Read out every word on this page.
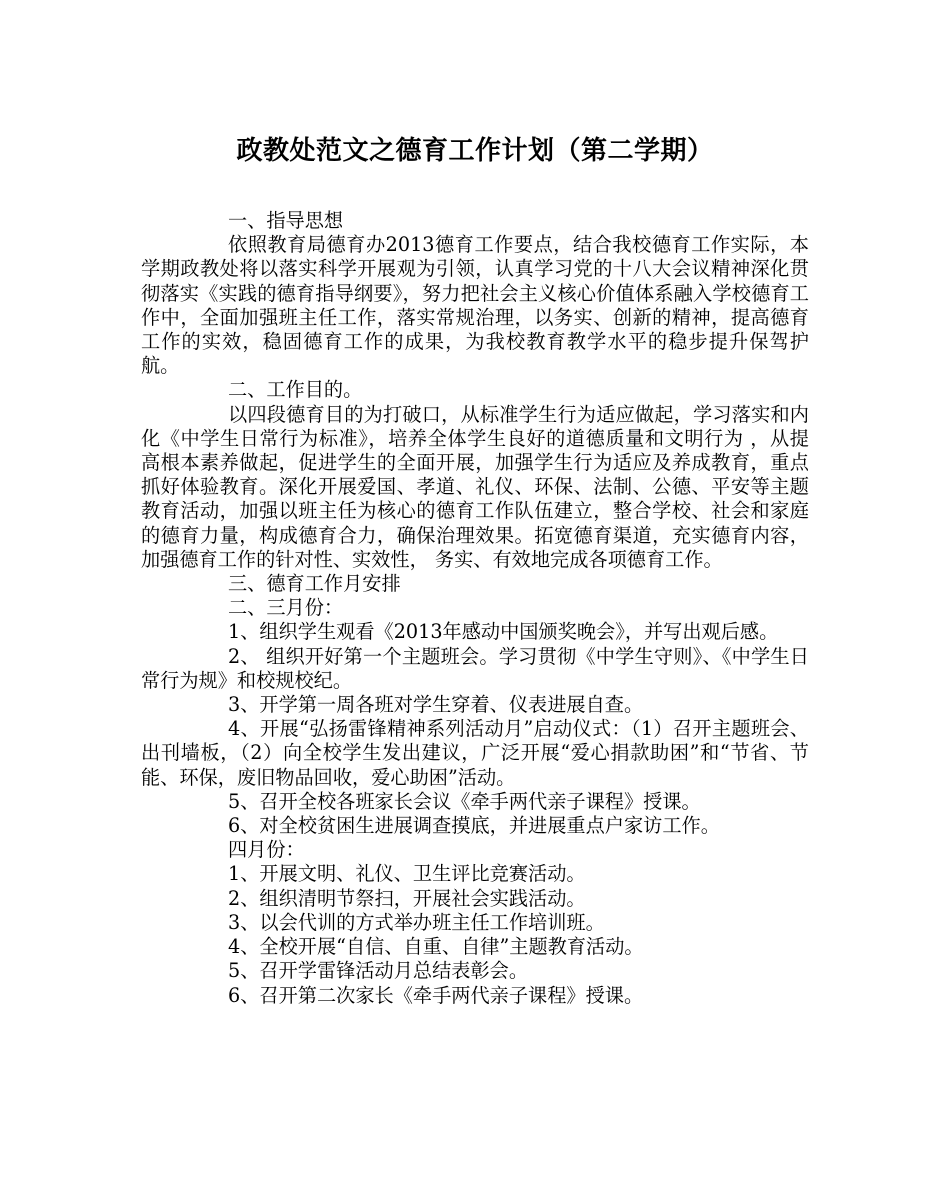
政教处范文之德育工作计划（第二学期）

一、指导思想

依照教育局德育办2013德育工作要点，结合我校德育工作实际，本学期政教处将以落实科学开展观为引领，认真学习党的十八大会议精神深化贯彻落实《实践的德育指导纲要》，努力把社会主义核心价值体系融入学校德育工作中，全面加强班主任工作，落实常规治理，以务实、创新的精神，提高德育工作的实效，稳固德育工作的成果，为我校教育教学水平的稳步提升保驾护航。

二、工作目的。

以四段德育目的为打破口，从标准学生行为适应做起，学习落实和内化《中学生日常行为标准》，培养全体学生良好的道德质量和文明行为 ，从提高根本素养做起，促进学生的全面开展，加强学生行为适应及养成教育，重点抓好体验教育。深化开展爱国、孝道、礼仪、环保、法制、公德、平安等主题教育活动，加强以班主任为核心的德育工作队伍建立，整合学校、社会和家庭的德育力量，构成德育合力，确保治理效果。拓宽德育渠道，充实德育内容，加强德育工作的针对性、实效性， 务实、有效地完成各项德育工作。

三、德育工作月安排

二、三月份：

1、组织学生观看《2013年感动中国颁奖晚会》，并写出观后感。

2、 组织开好第一个主题班会。学习贯彻《中学生守则》、《中学生日常行为规》和校规校纪。

3、开学第一周各班对学生穿着、仪表进展自查。

4、开展“弘扬雷锋精神系列活动月”启动仪式：（1）召开主题班会、出刊墙板，（2）向全校学生发出建议，广泛开展“爱心捐款助困”和“节省、节能、环保，废旧物品回收，爱心助困”活动。

5、召开全校各班家长会议《牵手两代亲子课程》授课。

6、对全校贫困生进展调查摸底，并进展重点户家访工作。

四月份：

1、开展文明、礼仪、卫生评比竞赛活动。

2、组织清明节祭扫，开展社会实践活动。

3、以会代训的方式举办班主任工作培训班。

4、全校开展“自信、自重、自律”主题教育活动。

5、召开学雷锋活动月总结表彰会。

6、召开第二次家长《牵手两代亲子课程》授课。
